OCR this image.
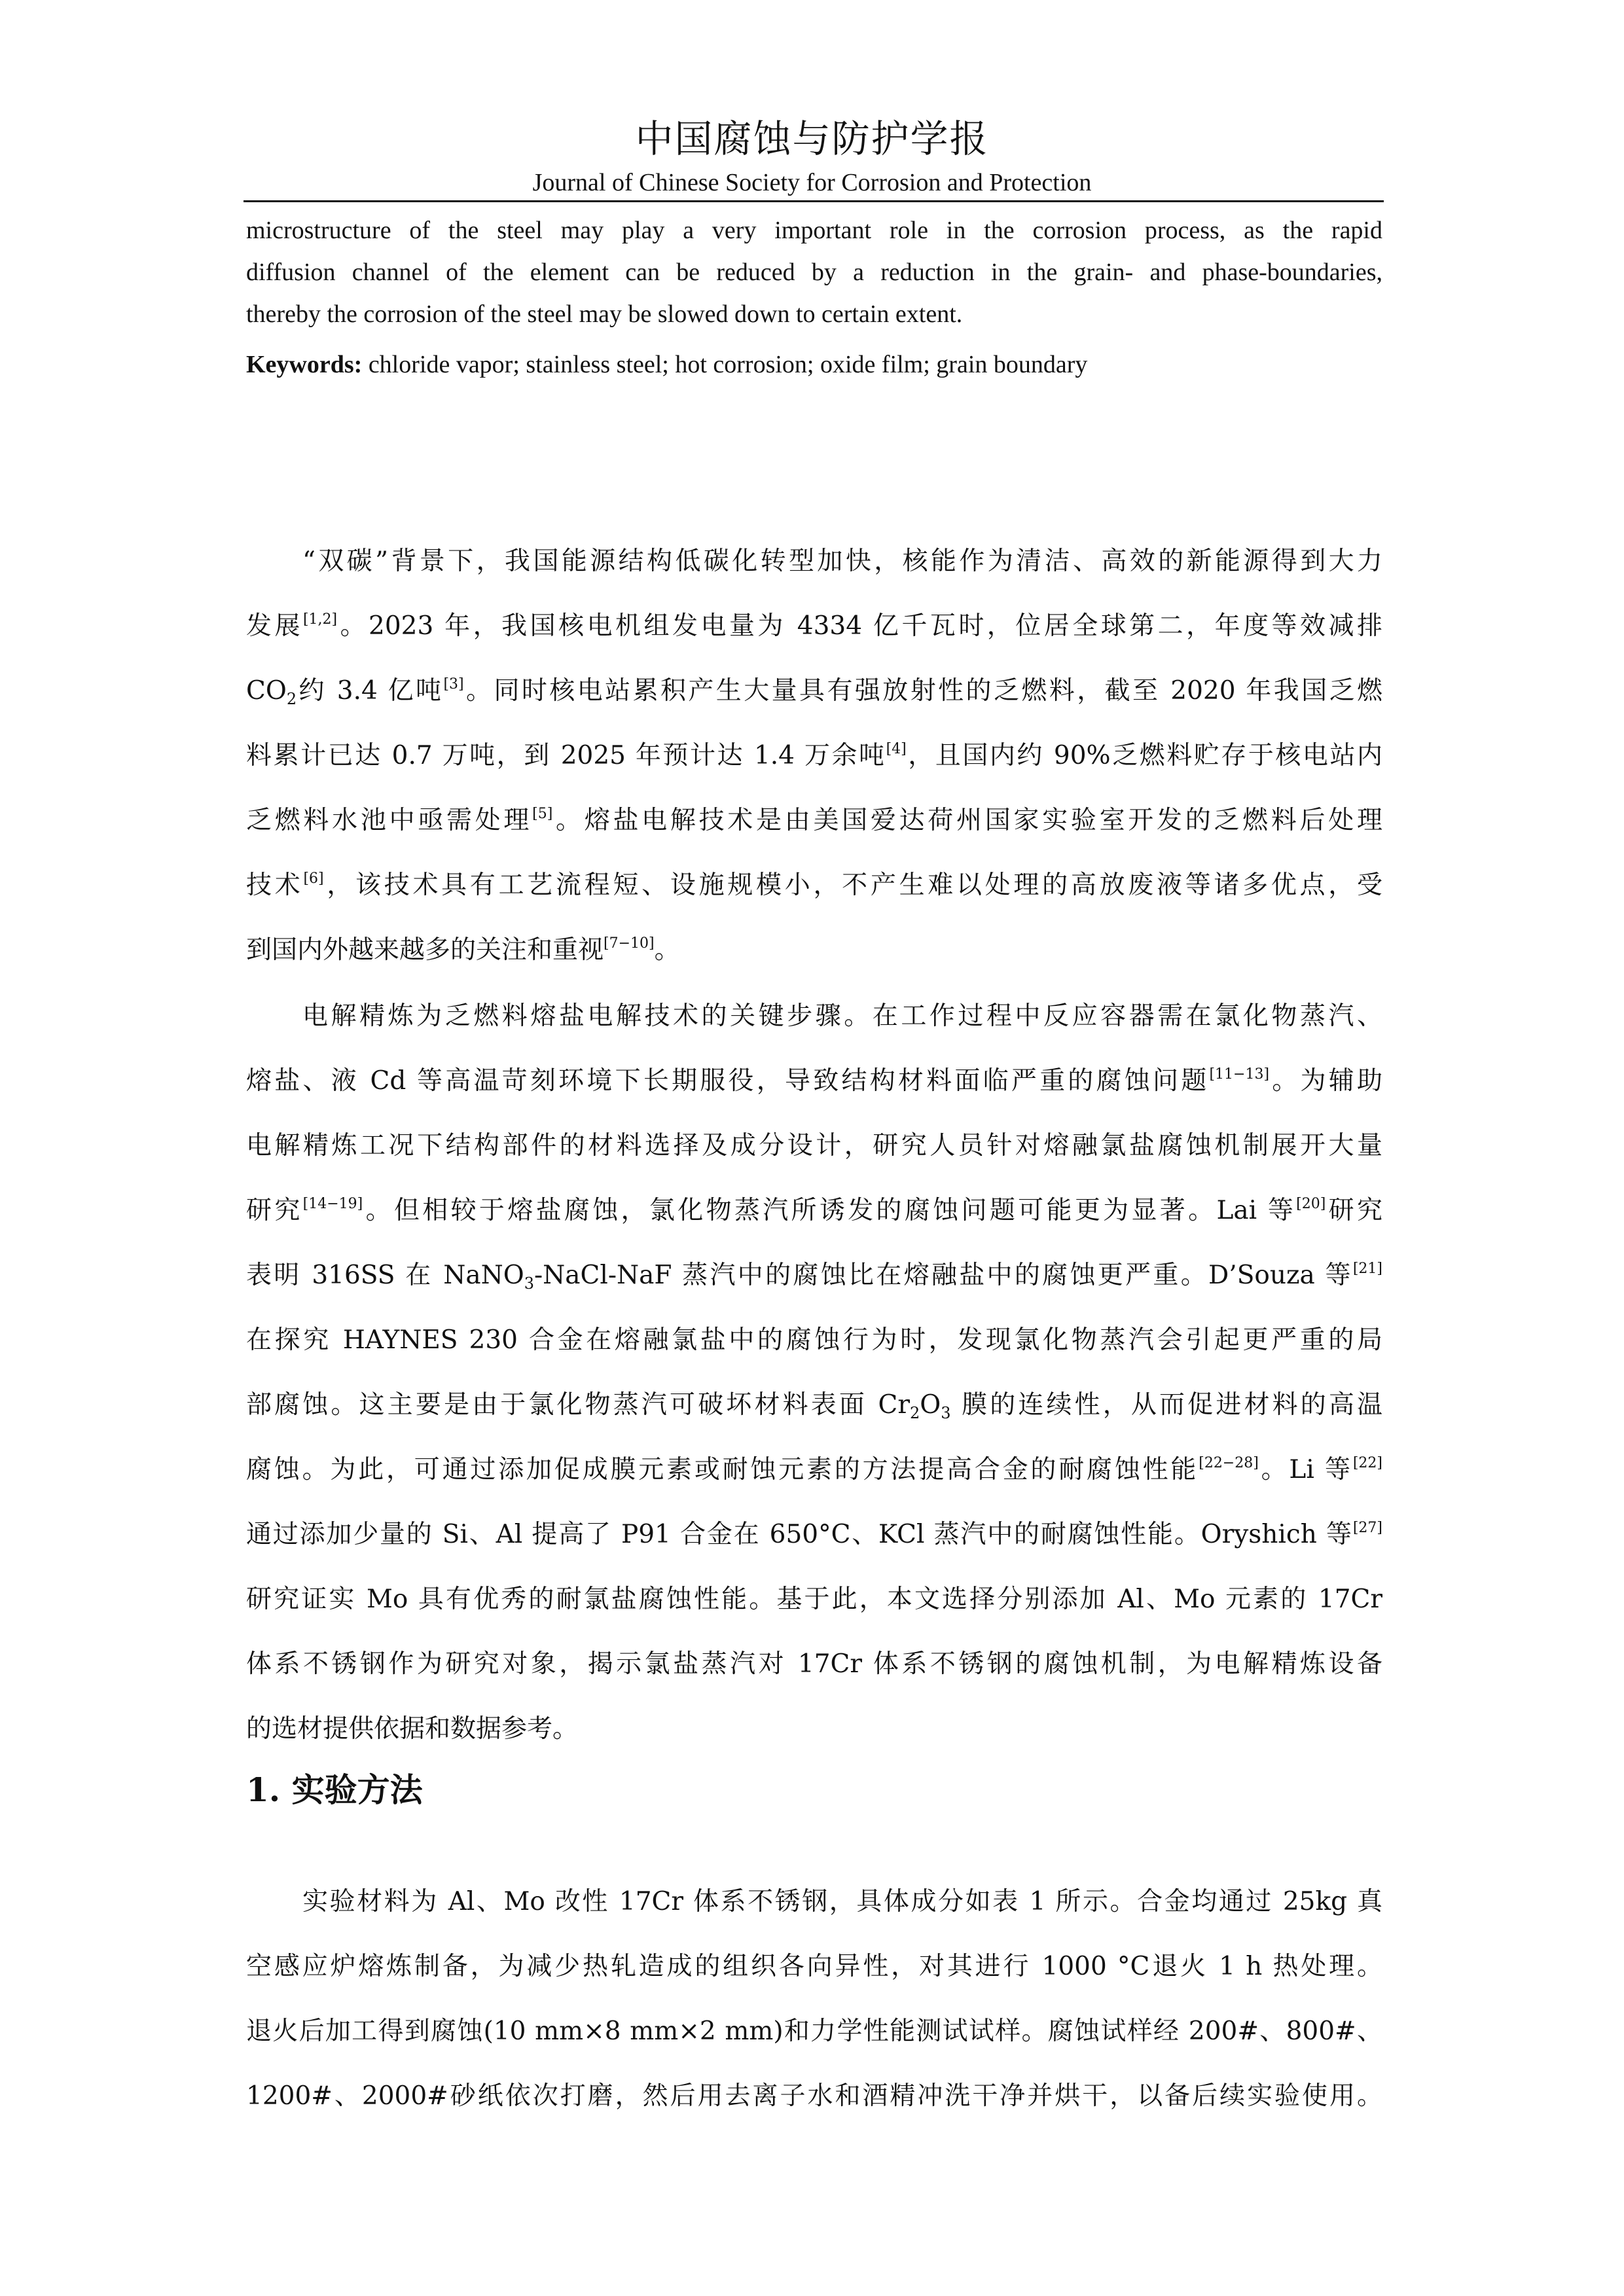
中国腐蚀与防护学报
Journal of Chinese Society for Corrosion and Protection
microstructure of the steel may play a very important role in the corrosion process, as the rapid
diffusion channel of the element can be reduced by a reduction in the grain- and phase-boundaries,
thereby the corrosion of the steel may be slowed down to certain extent.
Keywords: chloride vapor; stainless steel; hot corrosion; oxide film; grain boundary
“双碳”背景下，我国能源结构低碳化转型加快，核能作为清洁、高效的新能源得到大力
发展[1,2]。2023 年，我国核电机组发电量为 4334 亿千瓦时，位居全球第二，年度等效减排
$CO_2$约 3.4 亿吨[3]。同时核电站累积产生大量具有强放射性的乏燃料，截至 2020 年我国乏燃
料累计已达 0.7 万吨，到 2025 年预计达 1.4 万余吨[4]，且国内约 90%乏燃料贮存于核电站内
乏燃料水池中亟需处理[5]。熔盐电解技术是由美国爱达荷州国家实验室开发的乏燃料后处理
技术[6]，该技术具有工艺流程短、设施规模小，不产生难以处理的高放废液等诸多优点，受
到国内外越来越多的关注和重视[7−10]。
电解精炼为乏燃料熔盐电解技术的关键步骤。在工作过程中反应容器需在氯化物蒸汽、
熔盐、液 Cd 等高温苛刻环境下长期服役，导致结构材料面临严重的腐蚀问题[11−13]。为辅助
电解精炼工况下结构部件的材料选择及成分设计，研究人员针对熔融氯盐腐蚀机制展开大量
研究[14−19]。但相较于熔盐腐蚀，氯化物蒸汽所诱发的腐蚀问题可能更为显著。Lai 等[20]研究
表明 316SS 在 NaNO$_3$-NaCl-NaF 蒸汽中的腐蚀比在熔融盐中的腐蚀更严重。D’Souza 等[21]
在探究 HAYNES 230 合金在熔融氯盐中的腐蚀行为时，发现氯化物蒸汽会引起更严重的局
部腐蚀。这主要是由于氯化物蒸汽可破坏材料表面 $Cr_2O_3$ 膜的连续性，从而促进材料的高温
腐蚀。为此，可通过添加促成膜元素或耐蚀元素的方法提高合金的耐腐蚀性能[22−28]。Li 等[22]
通过添加少量的 Si、Al 提高了 P91 合金在 650°C、KCl 蒸汽中的耐腐蚀性能。Oryshich 等[27]
研究证实 Mo 具有优秀的耐氯盐腐蚀性能。基于此，本文选择分别添加 Al、Mo 元素的 17Cr
体系不锈钢作为研究对象，揭示氯盐蒸汽对 17Cr 体系不锈钢的腐蚀机制，为电解精炼设备
的选材提供依据和数据参考。
1. 实验方法
实验材料为 Al、Mo 改性 17Cr 体系不锈钢，具体成分如表 1 所示。合金均通过 25kg 真
空感应炉熔炼制备，为减少热轧造成的组织各向异性，对其进行 1000 °C退火 1 h 热处理。
退火后加工得到腐蚀(10 mm×8 mm×2 mm)和力学性能测试试样。腐蚀试样经 200#、800#、
1200#、2000#砂纸依次打磨，然后用去离子水和酒精冲洗干净并烘干，以备后续实验使用。
